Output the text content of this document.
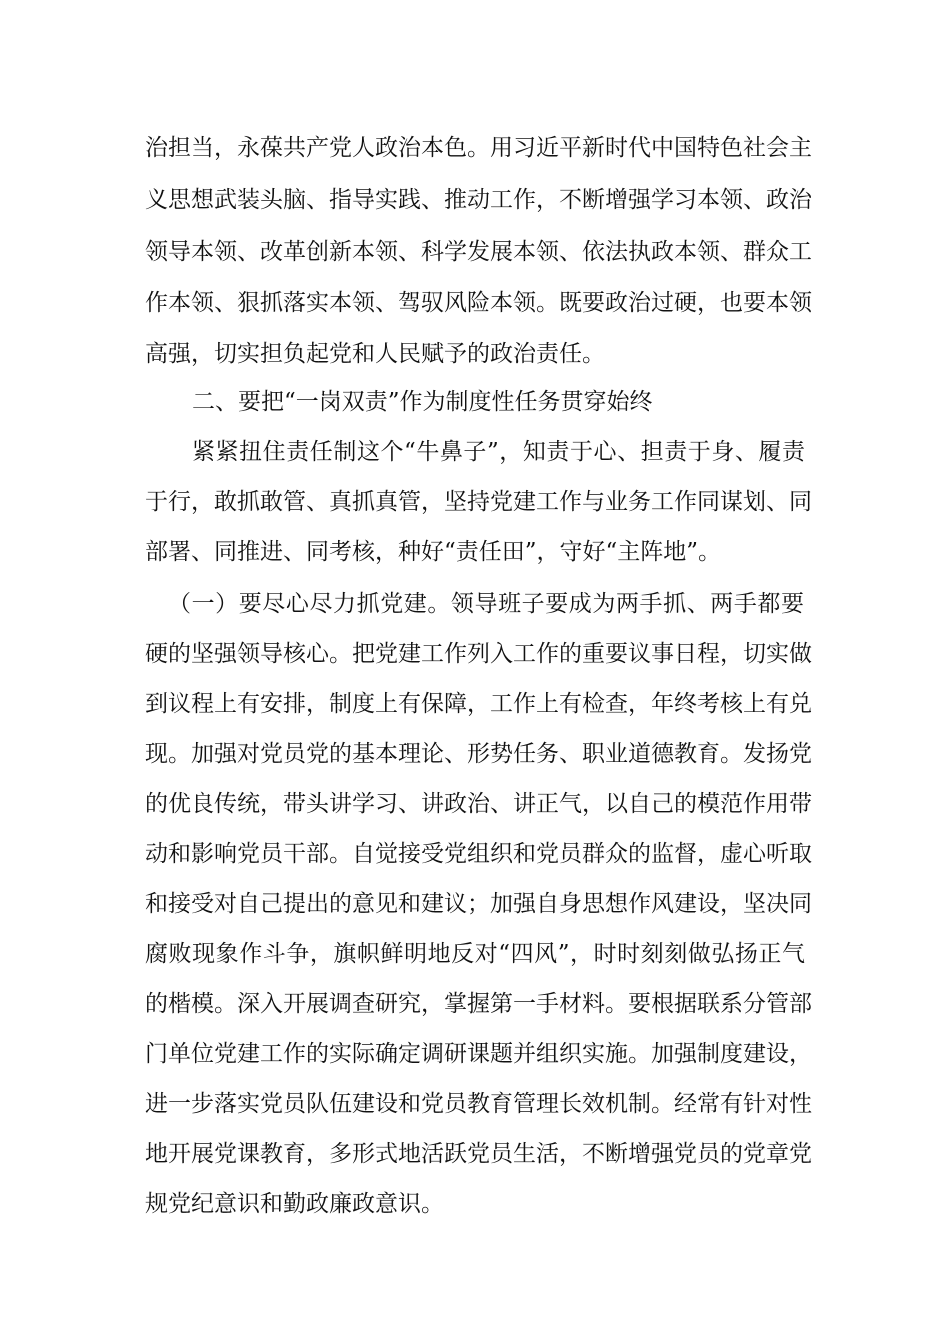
治担当，永葆共产党人政治本色。用习近平新时代中国特色社会主
义思想武装头脑、指导实践、推动工作，不断增强学习本领、政治
领导本领、改革创新本领、科学发展本领、依法执政本领、群众工
作本领、狠抓落实本领、驾驭风险本领。既要政治过硬，也要本领
高强，切实担负起党和人民赋予的政治责任。
二、要把“一岗双责”作为制度性任务贯穿始终
紧紧扭住责任制这个“牛鼻子”，知责于心、担责于身、履责
于行，敢抓敢管、真抓真管，坚持党建工作与业务工作同谋划、同
部署、同推进、同考核，种好“责任田”，守好“主阵地”。
（一）要尽心尽力抓党建。领导班子要成为两手抓、两手都要
硬的坚强领导核心。把党建工作列入工作的重要议事日程，切实做
到议程上有安排，制度上有保障，工作上有检查，年终考核上有兑
现。加强对党员党的基本理论、形势任务、职业道德教育。发扬党
的优良传统，带头讲学习、讲政治、讲正气，以自己的模范作用带
动和影响党员干部。自觉接受党组织和党员群众的监督，虚心听取
和接受对自己提出的意见和建议；加强自身思想作风建设，坚决同
腐败现象作斗争，旗帜鲜明地反对“四风”，时时刻刻做弘扬正气
的楷模。深入开展调查研究，掌握第一手材料。要根据联系分管部
门单位党建工作的实际确定调研课题并组织实施。加强制度建设，
进一步落实党员队伍建设和党员教育管理长效机制。经常有针对性
地开展党课教育，多形式地活跃党员生活，不断增强党员的党章党
规党纪意识和勤政廉政意识。
